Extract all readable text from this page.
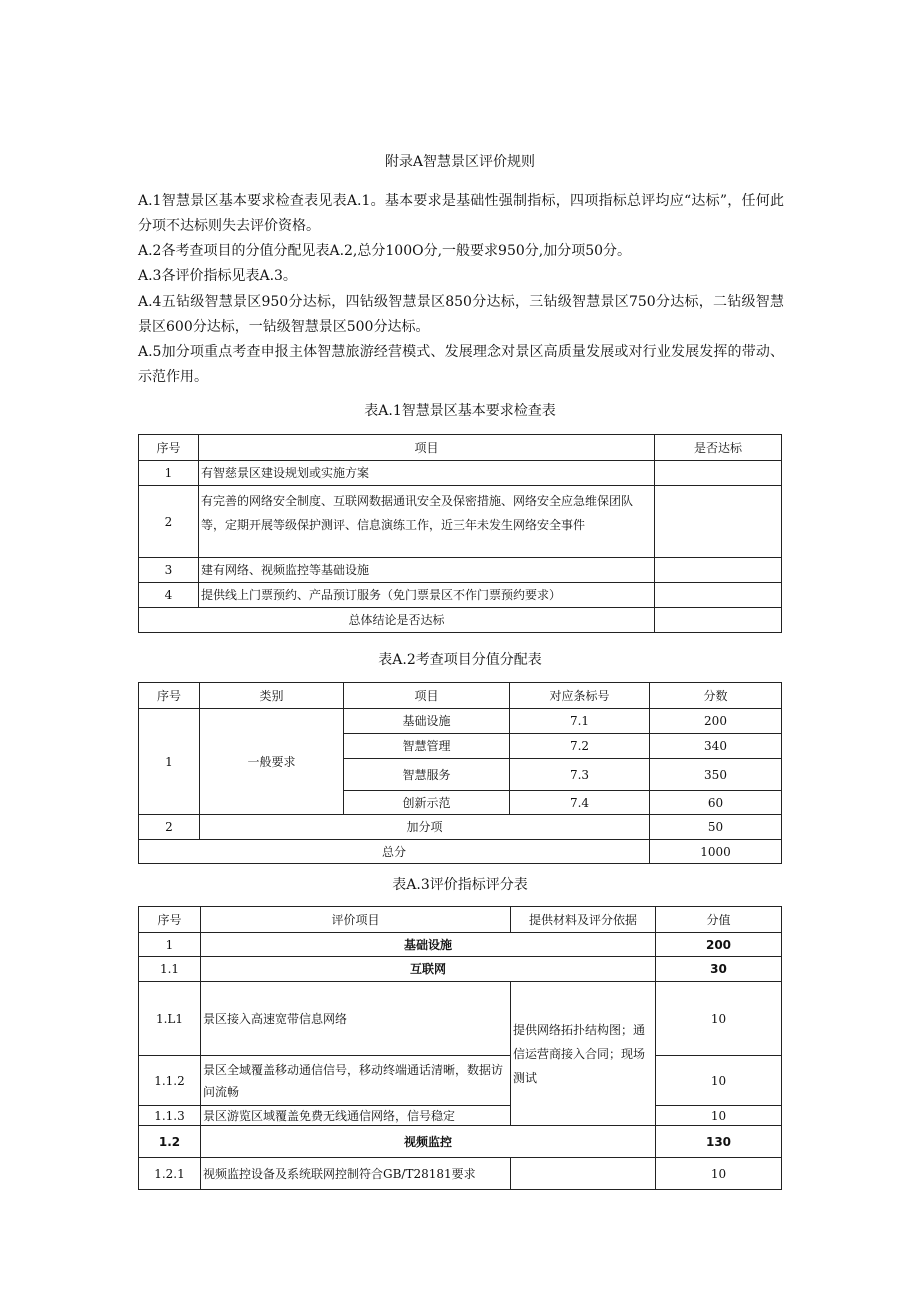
附录A智慧景区评价规则
A.1智慧景区基本要求检查表见表A.1。基本要求是基础性强制指标，四项指标总评均应“达标”，任何此分项不达标则失去评价资格。
A.2各考查项目的分值分配见表A.2,总分100O分,一般要求950分,加分项50分。
A.3各评价指标见表A.3。
A.4五钻级智慧景区950分达标，四钻级智慧景区850分达标，三钻级智慧景区750分达标，二钻级智慧景区600分达标，一钻级智慧景区500分达标。
A.5加分项重点考查申报主体智慧旅游经营模式、发展理念对景区高质量发展或对行业发展发挥的带动、示范作用。
表A.1智慧景区基本要求检查表
序号	项目	是否达标
1	有智慈景区建设规划或实施方案	
2	有完善的网络安全制度、互联网数据通讯安全及保密措施、网络安全应急维保团队等，定期开展等级保护测评、信息演练工作，近三年未发生网络安全事件	
3	建有网络、视频监控等基础设施	
4	提供线上门票预约、产品预订服务（免门票景区不作门票预约要求）	
总体结论是否达标		
表A.2考查项目分值分配表
序号	类别	项目	对应条标号	分数
1	一般要求	基础设施	7.1	200
		智慧管理	7.2	340
		智慧服务	7.3	350
		创新示范	7.4	60
2	加分项			50
总分				1000
表A.3评价指标评分表
序号	评价项目	提供材料及评分依据	分值
1	基础设施		200
1.1	互联网		30
1.L1	景区接入高速宽带信息网络	提供网络拓扑结构图；通信运营商接入合同；现场测试	10
1.1.2	景区全域覆盖移动通信信号，移动终端通话清晰，数据访问流畅		10
1.1.3	景区游览区域覆盖免费无线通信网络，信号稳定		10
1.2	视频监控		130
1.2.1	视频监控设备及系统联网控制符合GB/T28181要求		10
